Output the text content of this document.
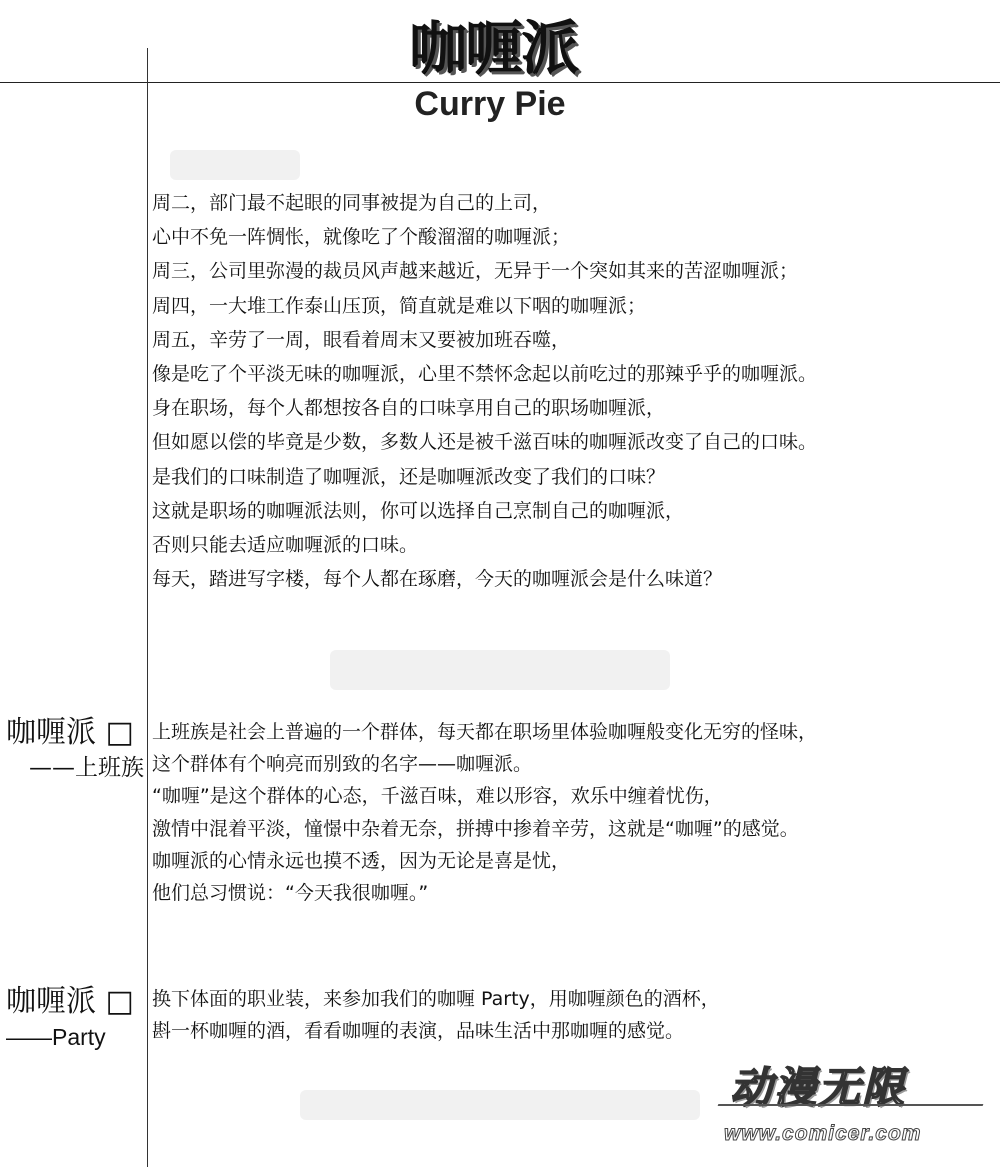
咖喱派
Curry Pie

周二，部门最不起眼的同事被提为自己的上司，

心中不免一阵惆怅，就像吃了个酸溜溜的咖喱派；

周三，公司里弥漫的裁员风声越来越近，无异于一个突如其来的苦涩咖喱派；

周四，一大堆工作泰山压顶，简直就是难以下咽的咖喱派；

周五，辛劳了一周，眼看着周末又要被加班吞噬，

像是吃了个平淡无味的咖喱派，心里不禁怀念起以前吃过的那辣乎乎的咖喱派。

身在职场，每个人都想按各自的口味享用自己的职场咖喱派，

但如愿以偿的毕竟是少数，多数人还是被千滋百味的咖喱派改变了自己的口味。

是我们的口味制造了咖喱派，还是咖喱派改变了我们的口味？

这就是职场的咖喱派法则，你可以选择自己烹制自己的咖喱派，

否则只能去适应咖喱派的口味。

每天，踏进写字楼，每个人都在琢磨，今天的咖喱派会是什么味道？

咖喱派 □
——上班族

上班族是社会上普遍的一个群体，每天都在职场里体验咖喱般变化无穷的怪味，

这个群体有个响亮而别致的名字——咖喱派。

“咖喱”是这个群体的心态，千滋百味，难以形容，欢乐中缠着忧伤，

激情中混着平淡，憧憬中杂着无奈，拼搏中掺着辛劳，这就是“咖喱”的感觉。

咖喱派的心情永远也摸不透，因为无论是喜是忧，

他们总习惯说：“今天我很咖喱。”

咖喱派 □
——Party

换下体面的职业装，来参加我们的咖喱 Party，用咖喱颜色的酒杯，

斟一杯咖喱的酒，看看咖喱的表演，品味生活中那咖喱的感觉。

动漫无限
www.comicer.com
